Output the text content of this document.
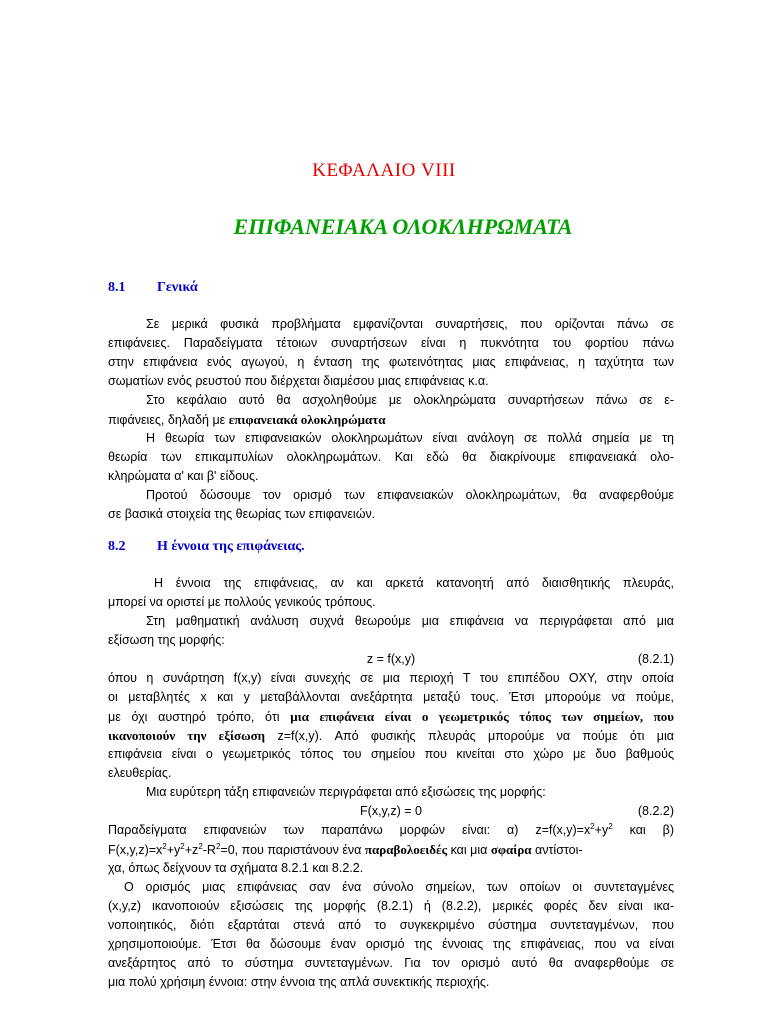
ΚΕΦΑΛΑΙΟ VIII
ΕΠΙΦΑΝΕΙΑΚΑ ΟΛΟΚΛΗΡΩΜΑΤΑ
8.1 Γενικά
Σε μερικά φυσικά προβλήματα εμφανίζονται συναρτήσεις, που ορίζονται πάνω σε
επιφάνειες. Παραδείγματα τέτοιων συναρτήσεων είναι η πυκνότητα του φορτίου πάνω
στην επιφάνεια ενός αγωγού, η ένταση της φωτεινότητας μιας επιφάνειας, η ταχύτητα των
σωματίων ενός ρευστού που διέρχεται διαμέσου μιας επιφάνειας κ.α.
Στο κεφάλαιο αυτό θα ασχοληθούμε με ολοκληρώματα συναρτήσεων πάνω σε ε-
πιφάνειες, δηλαδή με επιφανειακά ολοκληρώματα
Η θεωρία των επιφανειακών ολοκληρωμάτων είναι ανάλογη σε πολλά σημεία με τη
θεωρία των επικαμπυλίων ολοκληρωμάτων. Και εδώ θα διακρίνουμε επιφανειακά ολο-
κληρώματα α' και β' είδους.
Προτού δώσουμε τον ορισμό των επιφανειακών ολοκληρωμάτων, θα αναφερθούμε
σε βασικά στοιχεία της θεωρίας των επιφανειών.
8.2 Η έννοια της επιφάνειας.
Η έννοια της επιφάνειας, αν και αρκετά κατανοητή από διαισθητικής πλευράς,
μπορεί να οριστεί με πολλούς γενικούς τρόπους.
Στη μαθηματική ανάλυση συχνά θεωρούμε μια επιφάνεια να περιγράφεται από μια
εξίσωση της μορφής:
z = f(x,y)	(8.2.1)
όπου η συνάρτηση f(x,y) είναι συνεχής σε μια περιοχή T του επιπέδου OXY, στην οποία
οι μεταβλητές x και y μεταβάλλονται ανεξάρτητα μεταξύ τους. Έτσι μπορούμε να πούμε,
με όχι αυστηρό τρόπο, ότι μια επιφάνεια είναι ο γεωμετρικός τόπος των σημείων, που
ικανοποιούν την εξίσωση z=f(x,y). Από φυσικής πλευράς μπορούμε να πούμε ότι μια
επιφάνεια είναι ο γεωμετρικός τόπος του σημείου που κινείται στο χώρο με δυο βαθμούς
ελευθερίας.
Μια ευρύτερη τάξη επιφανειών περιγράφεται από εξισώσεις της μορφής:
F(x,y,z) = 0	(8.2.2)
Παραδείγματα επιφανειών των παραπάνω μορφών είναι: α) $z=f(x,y)=x^2+y^2$ και β)
$F(x,y,z)=x^2+y^2+z^2-R^2=0$, που παριστάνουν ένα παραβολοειδές και μια σφαίρα αντίστοι-
χα, όπως δείχνουν τα σχήματα 8.2.1 και 8.2.2.
Ο ορισμός μιας επιφάνειας σαν ένα σύνολο σημείων, των οποίων οι συντεταγμένες
(x,y,z) ικανοποιούν εξισώσεις της μορφής (8.2.1) ή (8.2.2), μερικές φορές δεν είναι ικα-
νοποιητικός, διότι εξαρτάται στενά από το συγκεκριμένο σύστημα συντεταγμένων, που
χρησιμοποιούμε. Έτσι θα δώσουμε έναν ορισμό της έννοιας της επιφάνειας, που να είναι
ανεξάρτητος από το σύστημα συντεταγμένων. Για τον ορισμό αυτό θα αναφερθούμε σε
μια πολύ χρήσιμη έννοια: στην έννοια της απλά συνεκτικής περιοχής.
